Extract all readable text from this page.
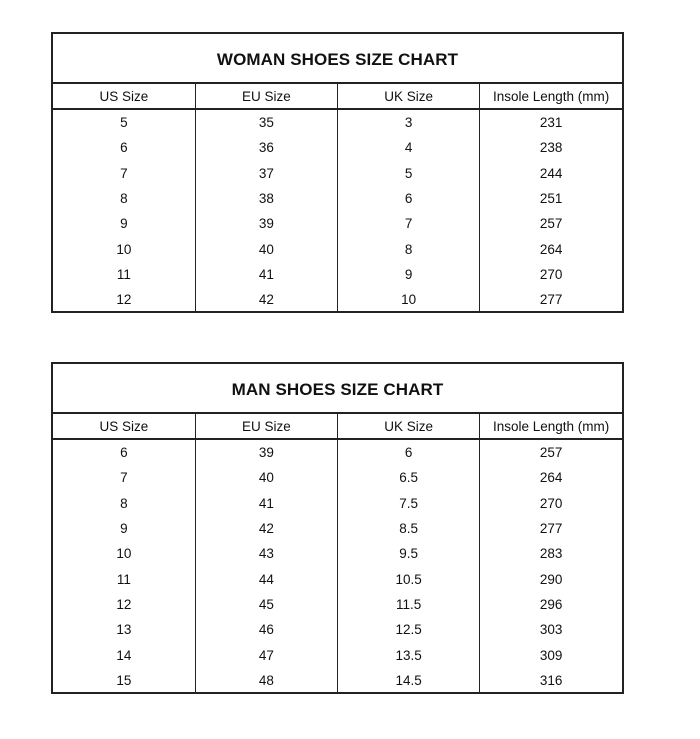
WOMAN SHOES SIZE CHART
US Size	EU Size	UK Size	Insole Length (mm)
5	35	3	231
6	36	4	238
7	37	5	244
8	38	6	251
9	39	7	257
10	40	8	264
11	41	9	270
12	42	10	277
MAN SHOES SIZE CHART
US Size	EU Size	UK Size	Insole Length (mm)
6	39	6	257
7	40	6.5	264
8	41	7.5	270
9	42	8.5	277
10	43	9.5	283
11	44	10.5	290
12	45	11.5	296
13	46	12.5	303
14	47	13.5	309
15	48	14.5	316
